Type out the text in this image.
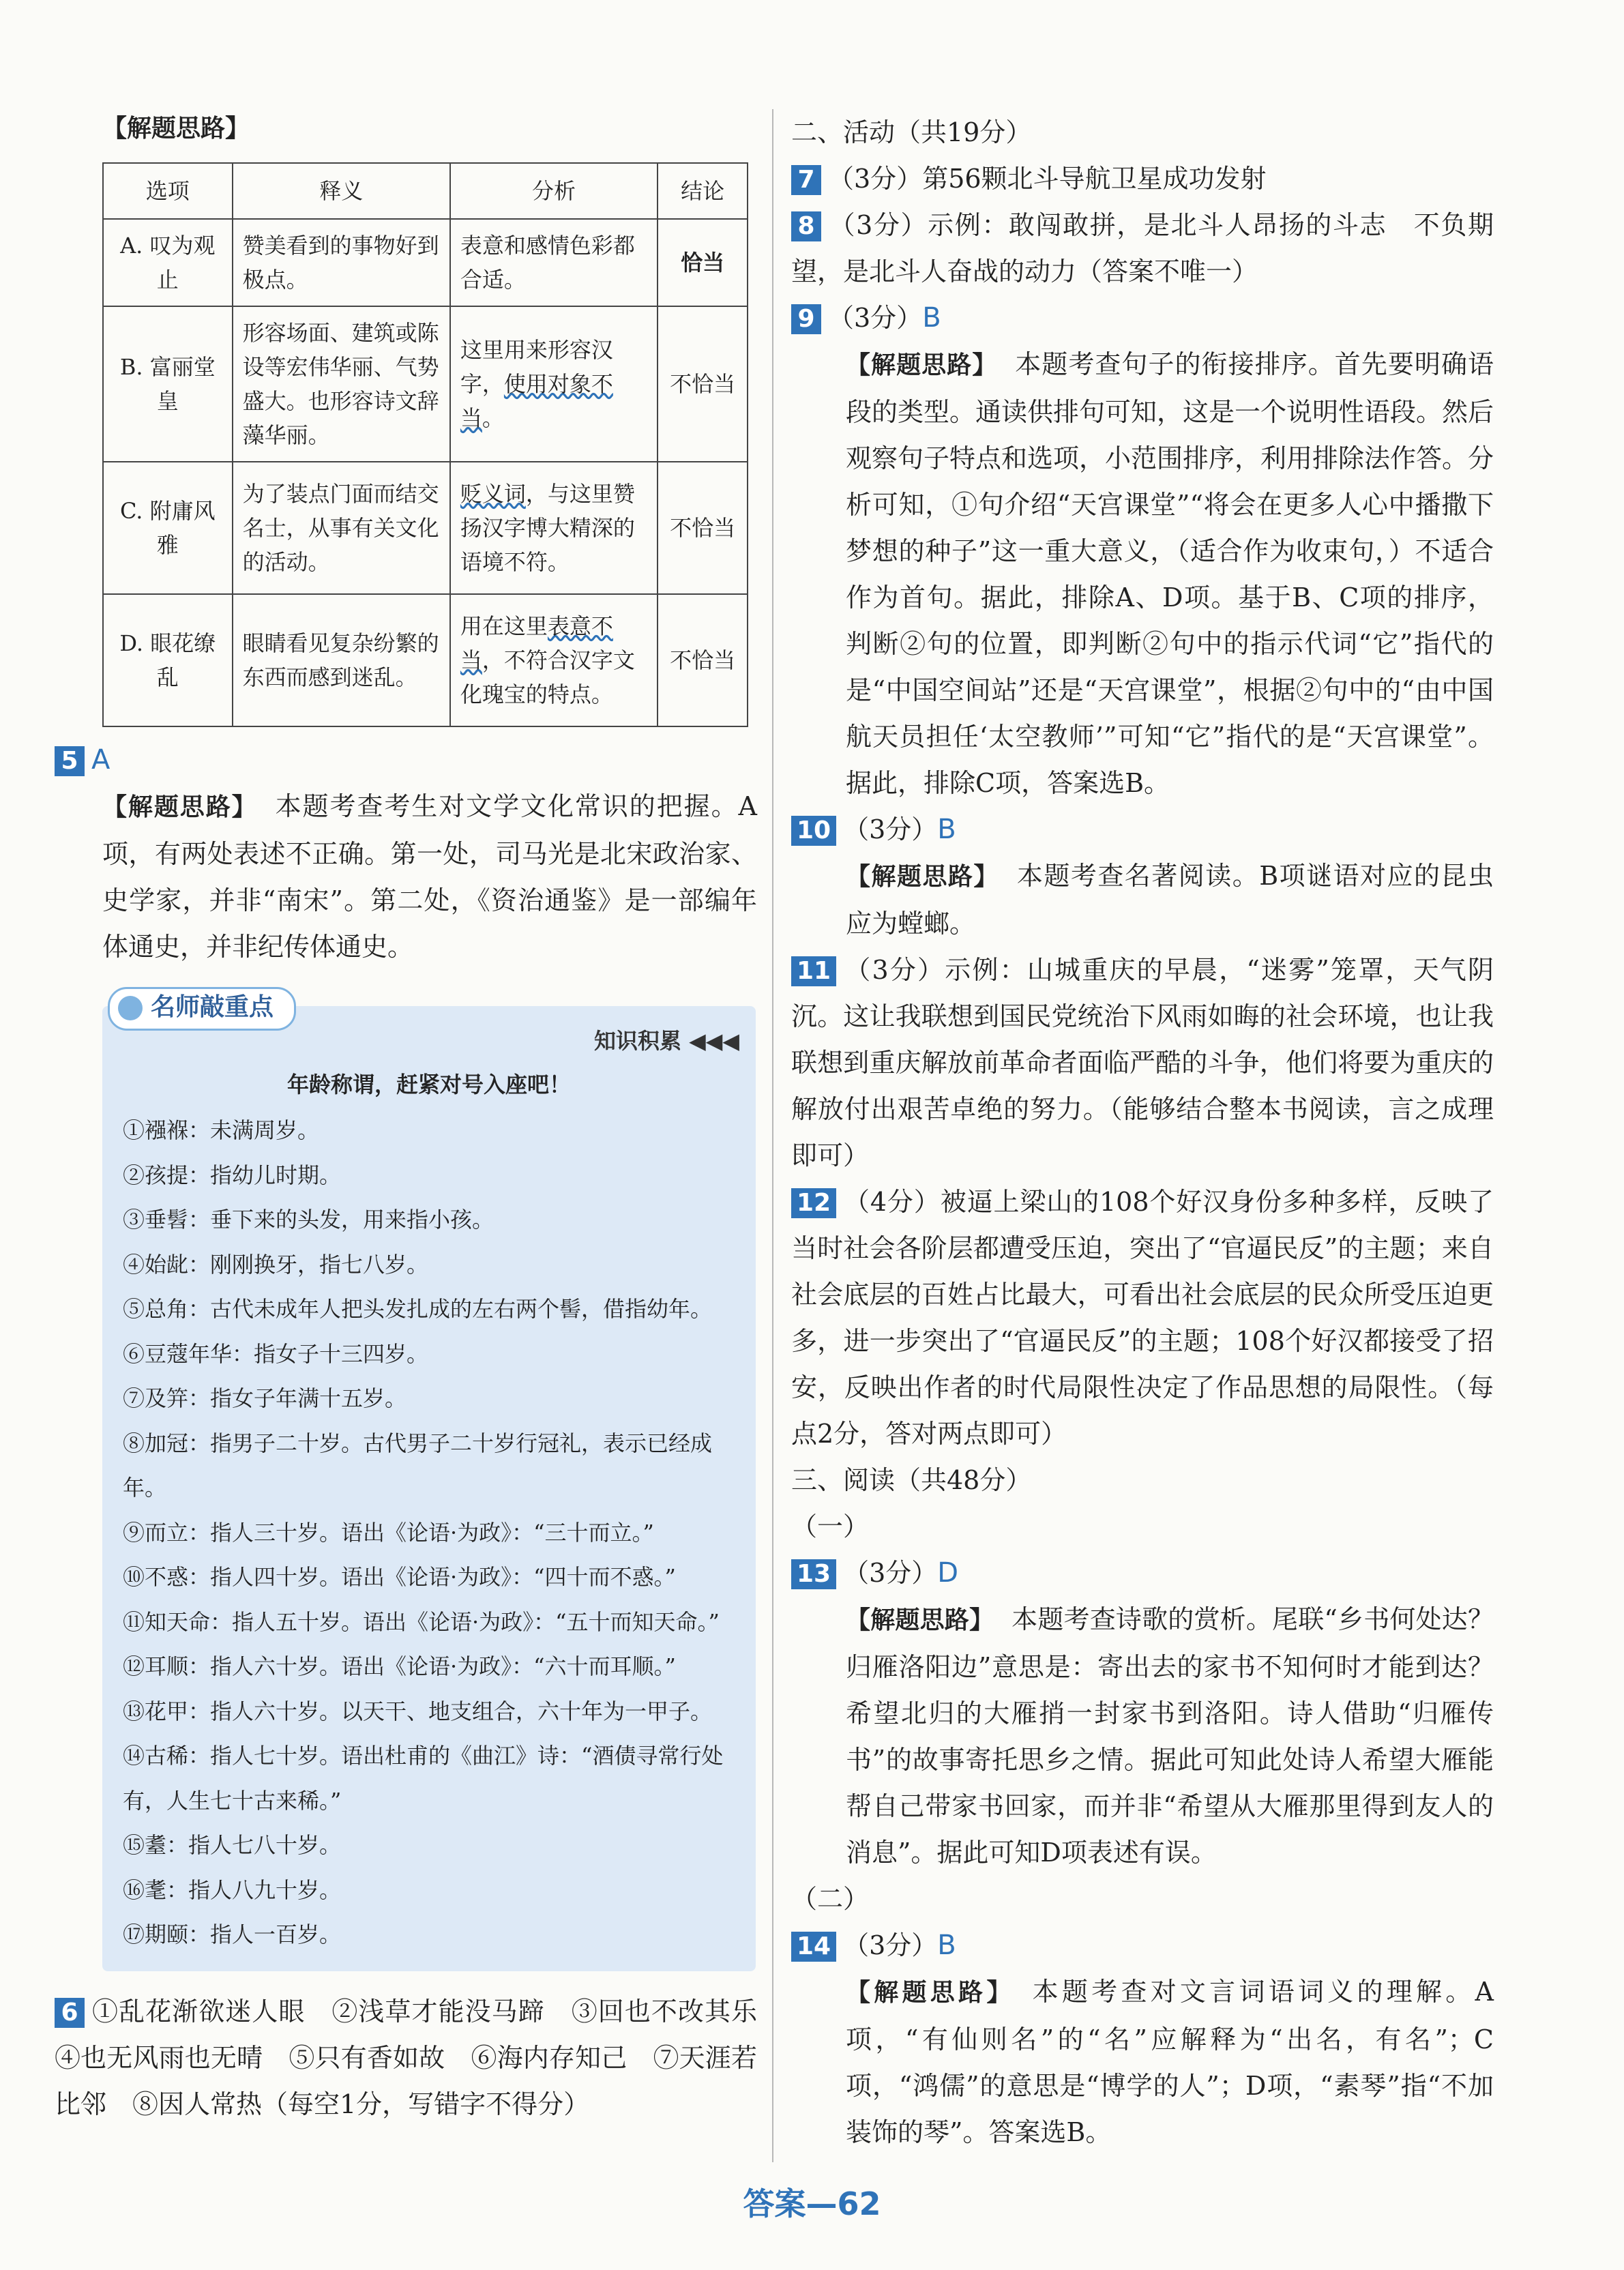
【解题思路】
选项	释义	分析	结论
A. 叹为观止	赞美看到的事物好到极点。	表意和感情色彩都合适。	恰当
B. 富丽堂皇	形容场面、建筑或陈设等宏伟华丽、气势盛大。也形容诗文辞藻华丽。	这里用来形容汉字，使用对象不当。	不恰当
C. 附庸风雅	为了装点门面而结交名士，从事有关文化的活动。	贬义词，与这里赞扬汉字博大精深的语境不符。	不恰当
D. 眼花缭乱	眼睛看见复杂纷繁的东西而感到迷乱。	用在这里表意不当，不符合汉字文化瑰宝的特点。	不恰当
5 A
【解题思路】 本题考查考生对文学文化常识的把握。A项，有两处表述不正确。第一处，司马光是北宋政治家、史学家，并非“南宋”。第二处，《资治通鉴》是一部编年体通史，并非纪传体通史。
名师敲重点
知识积累 ◀◀◀
年龄称谓，赶紧对号入座吧！
①襁褓：未满周岁。
②孩提：指幼儿时期。
③垂髫：垂下来的头发，用来指小孩。
④始龀：刚刚换牙，指七八岁。
⑤总角：古代未成年人把头发扎成的左右两个髻，借指幼年。
⑥豆蔻年华：指女子十三四岁。
⑦及笄：指女子年满十五岁。
⑧加冠：指男子二十岁。古代男子二十岁行冠礼，表示已经成年。
⑨而立：指人三十岁。语出《论语·为政》：“三十而立。”
⑩不惑：指人四十岁。语出《论语·为政》：“四十而不惑。”
⑪知天命：指人五十岁。语出《论语·为政》：“五十而知天命。”
⑫耳顺：指人六十岁。语出《论语·为政》：“六十而耳顺。”
⑬花甲：指人六十岁。以天干、地支组合，六十年为一甲子。
⑭古稀：指人七十岁。语出杜甫的《曲江》诗：“酒债寻常行处有，人生七十古来稀。”
⑮耋：指人七八十岁。
⑯耄：指人八九十岁。
⑰期颐：指人一百岁。
6 ①乱花渐欲迷人眼　②浅草才能没马蹄　③回也不改其乐　④也无风雨也无晴　⑤只有香如故　⑥海内存知己　⑦天涯若比邻　⑧因人常热（每空1分，写错字不得分）
二、活动（共19分）
7 （3分）第56颗北斗导航卫星成功发射
8 （3分）示例：敢闯敢拼，是北斗人昂扬的斗志　不负期望，是北斗人奋战的动力（答案不唯一）
9 （3分）B
【解题思路】 本题考查句子的衔接排序。首先要明确语段的类型。通读供排句可知，这是一个说明性语段。然后观察句子特点和选项，小范围排序，利用排除法作答。分析可知，①句介绍“天宫课堂”“将会在更多人心中播撒下梦想的种子”这一重大意义，（适合作为收束句，）不适合作为首句。据此，排除A、D项。基于B、C项的排序，判断②句的位置，即判断②句中的指示代词“它”指代的是“中国空间站”还是“天宫课堂”，根据②句中的“由中国航天员担任‘太空教师’”可知“它”指代的是“天宫课堂”。据此，排除C项，答案选B。
10 （3分）B
【解题思路】 本题考查名著阅读。B项谜语对应的昆虫应为螳螂。
11 （3分）示例：山城重庆的早晨，“迷雾”笼罩，天气阴沉。这让我联想到国民党统治下风雨如晦的社会环境，也让我联想到重庆解放前革命者面临严酷的斗争，他们将要为重庆的解放付出艰苦卓绝的努力。（能够结合整本书阅读，言之成理即可）
12 （4分）被逼上梁山的108个好汉身份多种多样，反映了当时社会各阶层都遭受压迫，突出了“官逼民反”的主题；来自社会底层的百姓占比最大，可看出社会底层的民众所受压迫更多，进一步突出了“官逼民反”的主题；108个好汉都接受了招安，反映出作者的时代局限性决定了作品思想的局限性。（每点2分，答对两点即可）
三、阅读（共48分）
（一）
13 （3分）D
【解题思路】 本题考查诗歌的赏析。尾联“乡书何处达？归雁洛阳边”意思是：寄出去的家书不知何时才能到达？希望北归的大雁捎一封家书到洛阳。诗人借助“归雁传书”的故事寄托思乡之情。据此可知此处诗人希望大雁能帮自己带家书回家，而并非“希望从大雁那里得到友人的消息”。据此可知D项表述有误。
（二）
14 （3分）B
【解题思路】 本题考查对文言词语词义的理解。A项，“有仙则名”的“名”应解释为“出名，有名”；C项，“鸿儒”的意思是“博学的人”；D项，“素琴”指“不加装饰的琴”。答案选B。
答案—62
